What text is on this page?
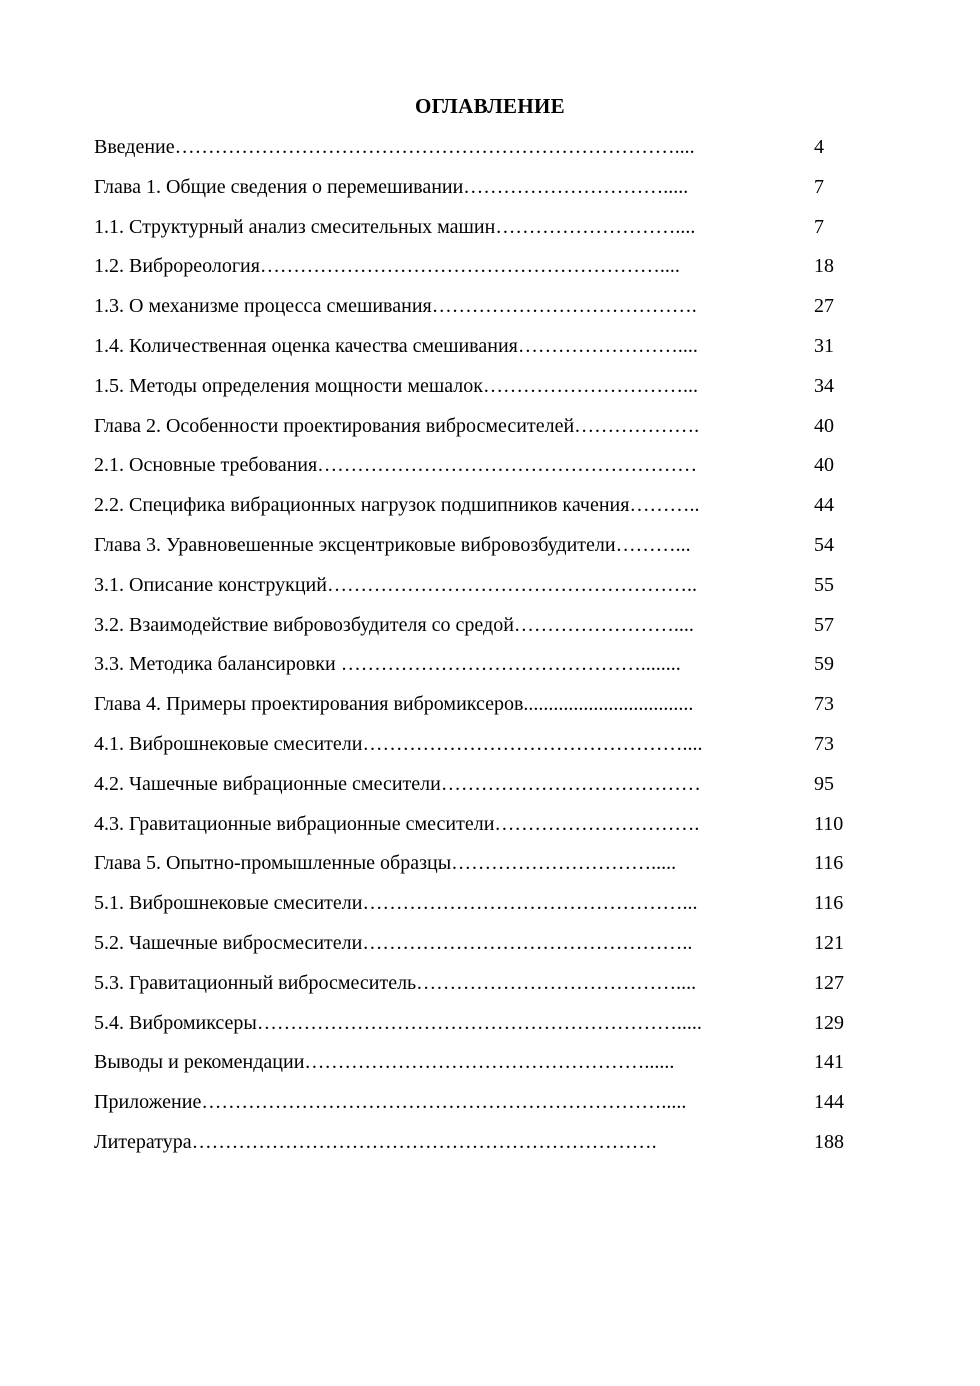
ОГЛАВЛЕНИЕ
Введение…………………………………………………………………....	4
Глава 1. Общие сведения о перемешивании………………………….....	7
1.1. Структурный анализ смесительных машин………………………....	7
1.2. Виброреология……………………………………………………....	18
1.3. О механизме процесса смешивания………………………………….	27
1.4. Количественная оценка качества смешивания……………………....	31
1.5. Методы определения мощности мешалок…………………………...	34
Глава 2. Особенности проектирования вибросмесителей……………….	40
2.1. Основные требования…………………………………………………	40
2.2. Специфика вибрационных нагрузок подшипников качения………..	44
Глава 3. Уравновешенные эксцентриковые вибровозбудители………...	54
3.1. Описание конструкций………………………………………………..	55
3.2. Взаимодействие вибровозбудителя со средой……………………....	57
3.3. Методика балансировки ………………………………………........	59
Глава 4. Примеры проектирования вибромиксеров..................................	73
4.1. Виброшнековые смесители…………………………………………....	73
4.2. Чашечные вибрационные смесители…………………………………	95
4.3. Гравитационные вибрационные смесители………………………….	110
Глава 5. Опытно-промышленные образцы………………………….....	116
5.1. Виброшнековые смесители…………………………………………...	116
5.2. Чашечные вибросмесители…………………………………………..	121
5.3. Гравитационный вибросмеситель…………………………………....	127
5.4. Вибромиксеры……………………………………………………….....	129
Выводы и рекомендации……………………………………………......	141
Приложение…………………………………………………………….....	144
Литература…………………………………………………………….	188
